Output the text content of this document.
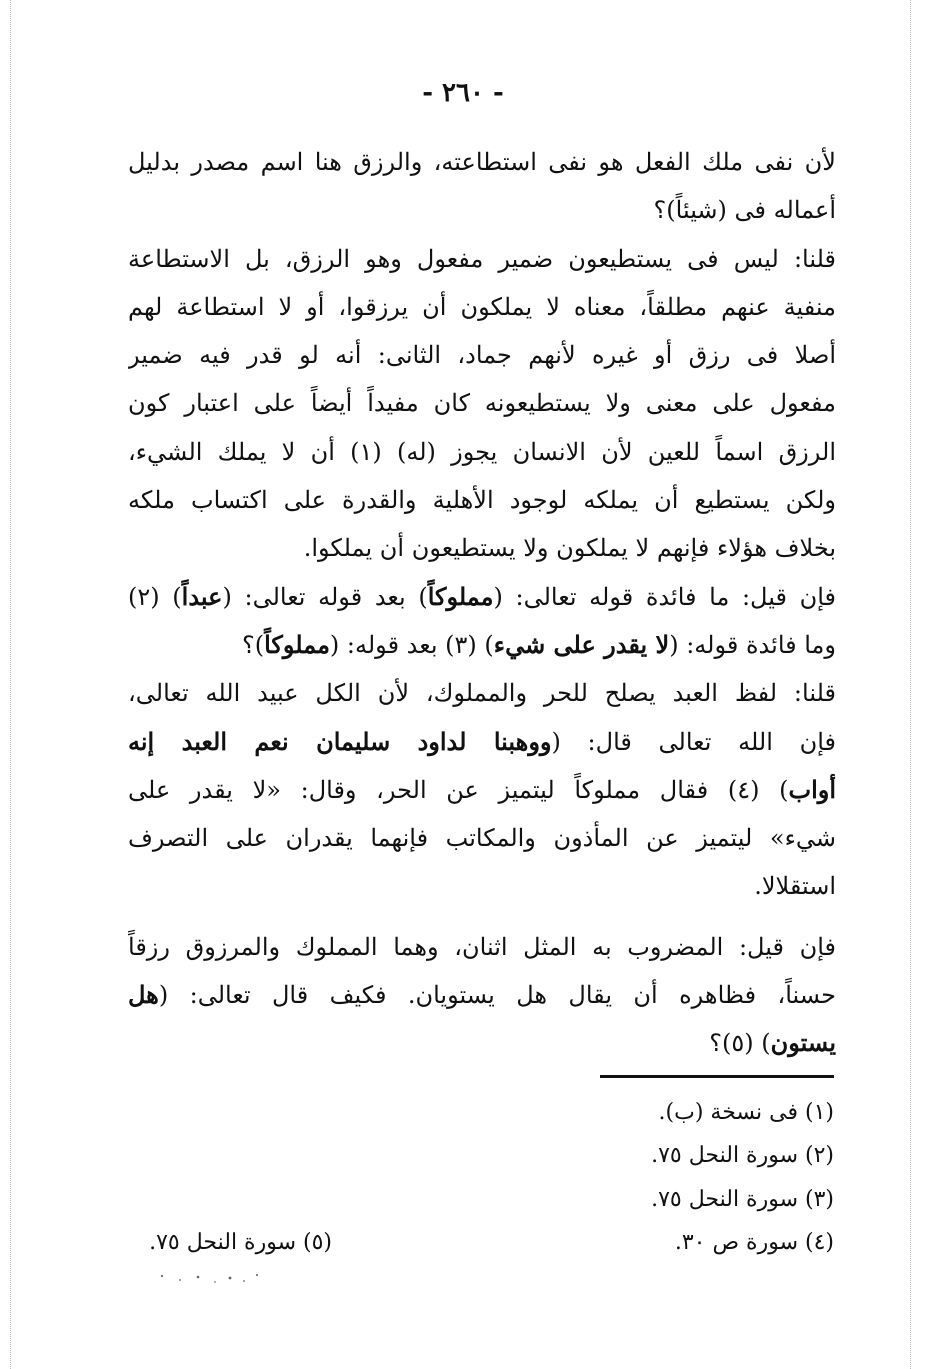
- ٢٦٠ -
لأن نفى ملك الفعل هو نفى استطاعته، والرزق هنا اسم مصدر بدليل
أعماله فى (شيئاً)؟
قلنا: ليس فى يستطيعون ضمير مفعول وهو الرزق، بل الاستطاعة
منفية عنهم مطلقاً، معناه لا يملكون أن يرزقوا، أو لا استطاعة لهم
أصلا فى رزق أو غيره لأنهم جماد، الثانى: أنه لو قدر فيه ضمير
مفعول على معنى ولا يستطيعونه كان مفيداً أيضاً على اعتبار كون
الرزق اسماً للعين لأن الانسان يجوز (له) (١) أن لا يملك الشيء،
ولكن يستطيع أن يملكه لوجود الأهلية والقدرة على اكتساب ملكه
بخلاف هؤلاء فإنهم لا يملكون ولا يستطيعون أن يملكوا.
فإن قيل: ما فائدة قوله تعالى: (مملوكاً) بعد قوله تعالى: (عبداً) (٢)
وما فائدة قوله: (لا يقدر على شيء) (٣) بعد قوله: (مملوكاً)؟
قلنا: لفظ العبد يصلح للحر والمملوك، لأن الكل عبيد الله تعالى،
فإن الله تعالى قال: (ووهبنا لداود سليمان نعم العبد إنه
أواب) (٤) فقال مملوكاً ليتميز عن الحر، وقال: «لا يقدر على
شيء» ليتميز عن المأذون والمكاتب فإنهما يقدران على التصرف
استقلالا.
فإن قيل: المضروب به المثل اثنان، وهما المملوك والمرزوق رزقاً
حسناً، فظاهره أن يقال هل يستويان. فكيف قال تعالى: (هل
يستون) (٥)؟
(١) فى نسخة (ب).
(٢) سورة النحل ٧٥.
(٣) سورة النحل ٧٥.
(٤) سورة ص ٣٠.
(٥) سورة النحل ٧٥.
